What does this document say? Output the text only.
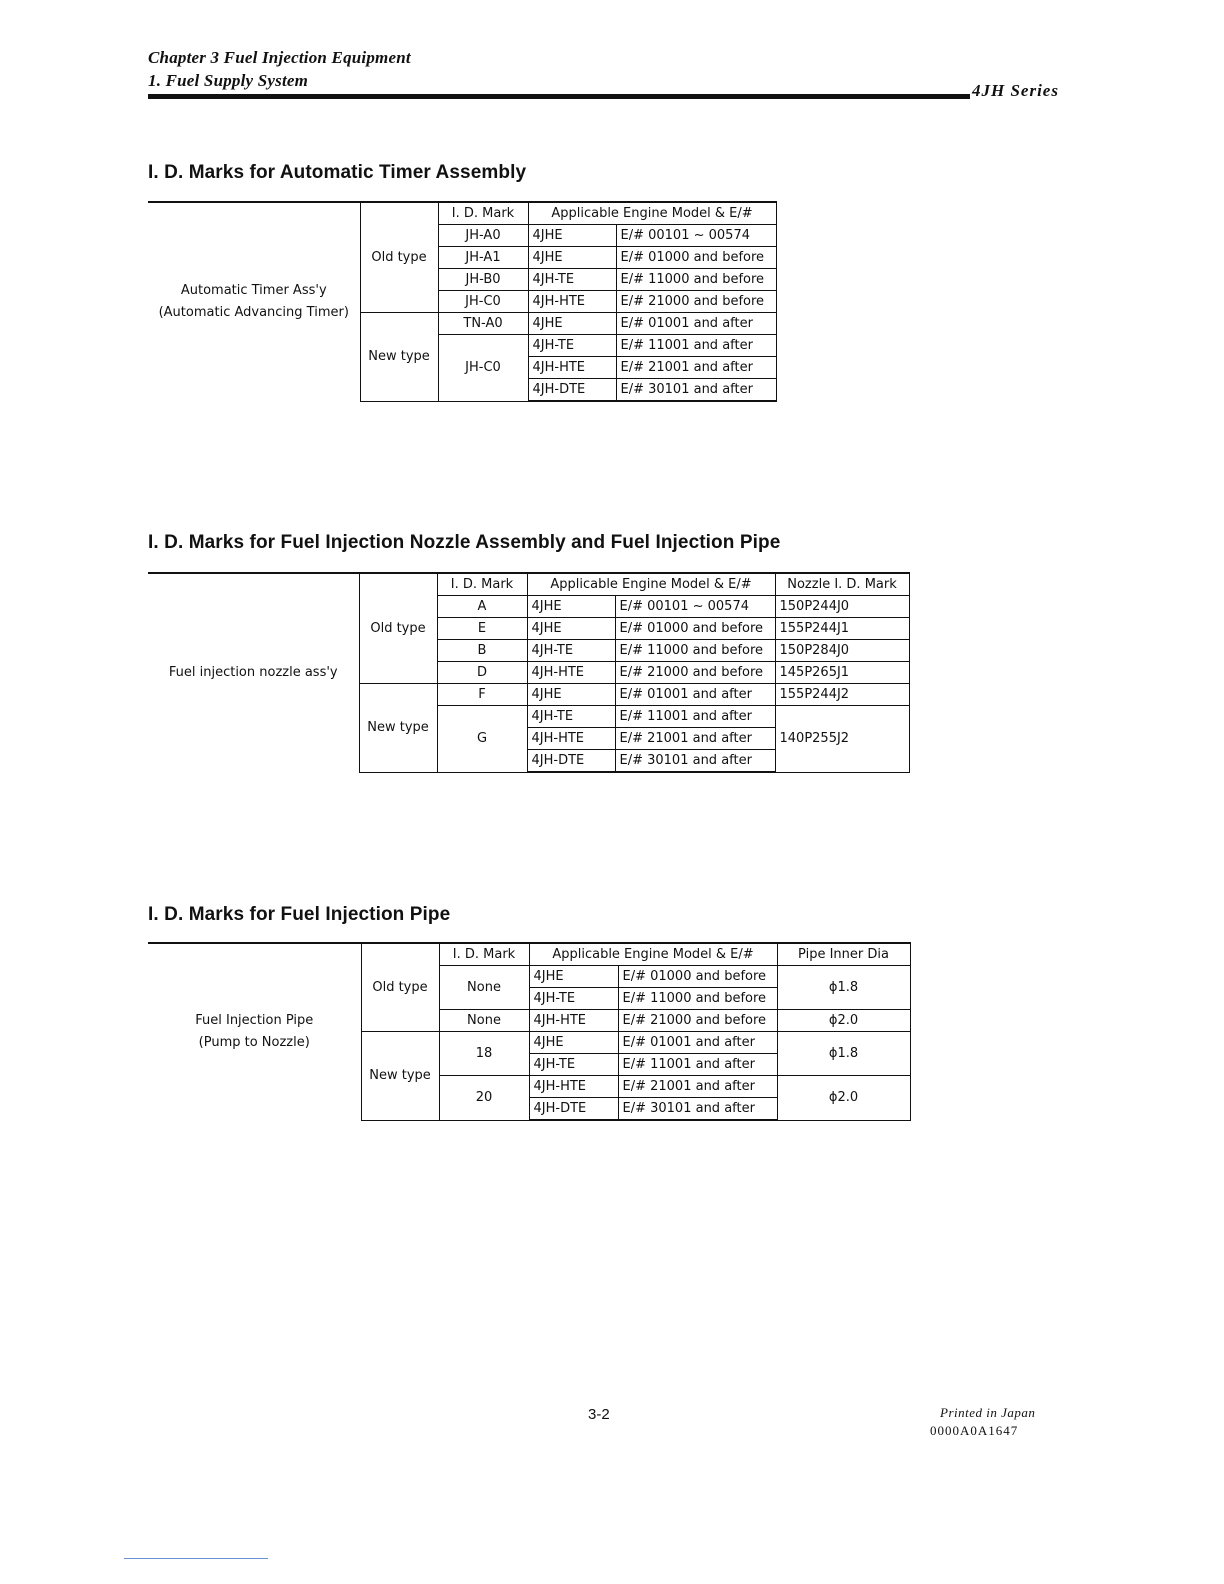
Chapter 3 Fuel Injection Equipment
1. Fuel Supply System
4JH Series
I. D. Marks for Automatic Timer Assembly
Automatic Timer Ass'y
(Automatic Advancing Timer)	Old type	I. D. Mark	Applicable Engine Model & E/#	
		JH-A0	4JHE	E/# 00101 ~ 00574
		JH-A1	4JHE	E/# 01000 and before
		JH-B0	4JH-TE	E/# 11000 and before
		JH-C0	4JH-HTE	E/# 21000 and before
	New type	TN-A0	4JHE	E/# 01001 and after
		JH-C0	4JH-TE	E/# 11001 and after
			4JH-HTE	E/# 21001 and after
			4JH-DTE	E/# 30101 and after
I. D. Marks for Fuel Injection Nozzle Assembly and Fuel Injection Pipe
Fuel injection nozzle ass'y	Old type	I. D. Mark	Applicable Engine Model & E/#		Nozzle I. D. Mark
		A	4JHE	E/# 00101 ~ 00574	150P244J0
		E	4JHE	E/# 01000 and before	155P244J1
		B	4JH-TE	E/# 11000 and before	150P284J0
		D	4JH-HTE	E/# 21000 and before	145P265J1
	New type	F	4JHE	E/# 01001 and after	155P244J2
		G	4JH-TE	E/# 11001 and after	140P255J2
			4JH-HTE	E/# 21001 and after	
			4JH-DTE	E/# 30101 and after	
I. D. Marks for Fuel Injection Pipe
Fuel Injection Pipe
(Pump to Nozzle)	Old type	I. D. Mark	Applicable Engine Model & E/#		Pipe Inner Dia
		None	4JHE	E/# 01000 and before	ϕ1.8
			4JH-TE	E/# 11000 and before	
		None	4JH-HTE	E/# 21000 and before	ϕ2.0
	New type	18	4JHE	E/# 01001 and after	ϕ1.8
			4JH-TE	E/# 11001 and after	
		20	4JH-HTE	E/# 21001 and after	ϕ2.0
			4JH-DTE	E/# 30101 and after	
3-2	Printed in Japan
0000A0A1647
